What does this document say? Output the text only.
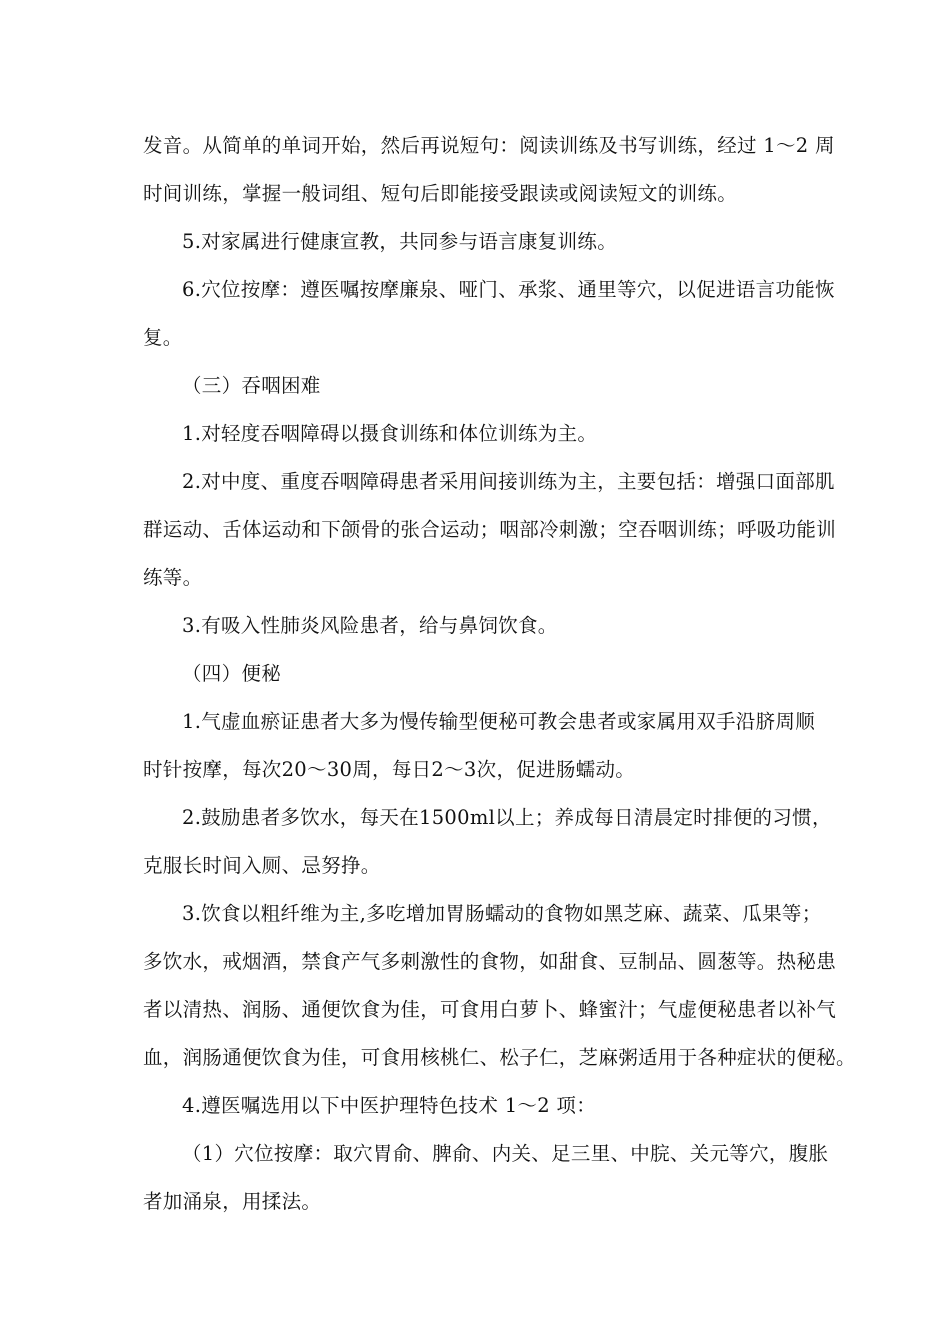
发音。从简单的单词开始，然后再说短句：阅读训练及书写训练，经过 1～2 周
时间训练，掌握一般词组、短句后即能接受跟读或阅读短文的训练。
5.对家属进行健康宣教，共同参与语言康复训练。
6.穴位按摩：遵医嘱按摩廉泉、哑门、承浆、通里等穴，以促进语言功能恢
复。
（三）吞咽困难
1.对轻度吞咽障碍以摄食训练和体位训练为主。
2.对中度、重度吞咽障碍患者采用间接训练为主，主要包括：增强口面部肌
群运动、舌体运动和下颌骨的张合运动；咽部冷刺激；空吞咽训练；呼吸功能训
练等。
3.有吸入性肺炎风险患者，给与鼻饲饮食。
（四）便秘
1.气虚血瘀证患者大多为慢传输型便秘可教会患者或家属用双手沿脐周顺
时针按摩，每次20～30周，每日2～3次，促进肠蠕动。
2.鼓励患者多饮水，每天在1500ml以上；养成每日清晨定时排便的习惯，
克服长时间入厕、忌努挣。
3.饮食以粗纤维为主,多吃增加胃肠蠕动的食物如黑芝麻、蔬菜、瓜果等；
多饮水，戒烟酒，禁食产气多刺激性的食物，如甜食、豆制品、圆葱等。热秘患
者以清热、润肠、通便饮食为佳，可食用白萝卜、蜂蜜汁；气虚便秘患者以补气
血，润肠通便饮食为佳，可食用核桃仁、松子仁，芝麻粥适用于各种症状的便秘。
4.遵医嘱选用以下中医护理特色技术 1～2 项：
（1）穴位按摩：取穴胃俞、脾俞、内关、足三里、中脘、关元等穴，腹胀
者加涌泉，用揉法。
